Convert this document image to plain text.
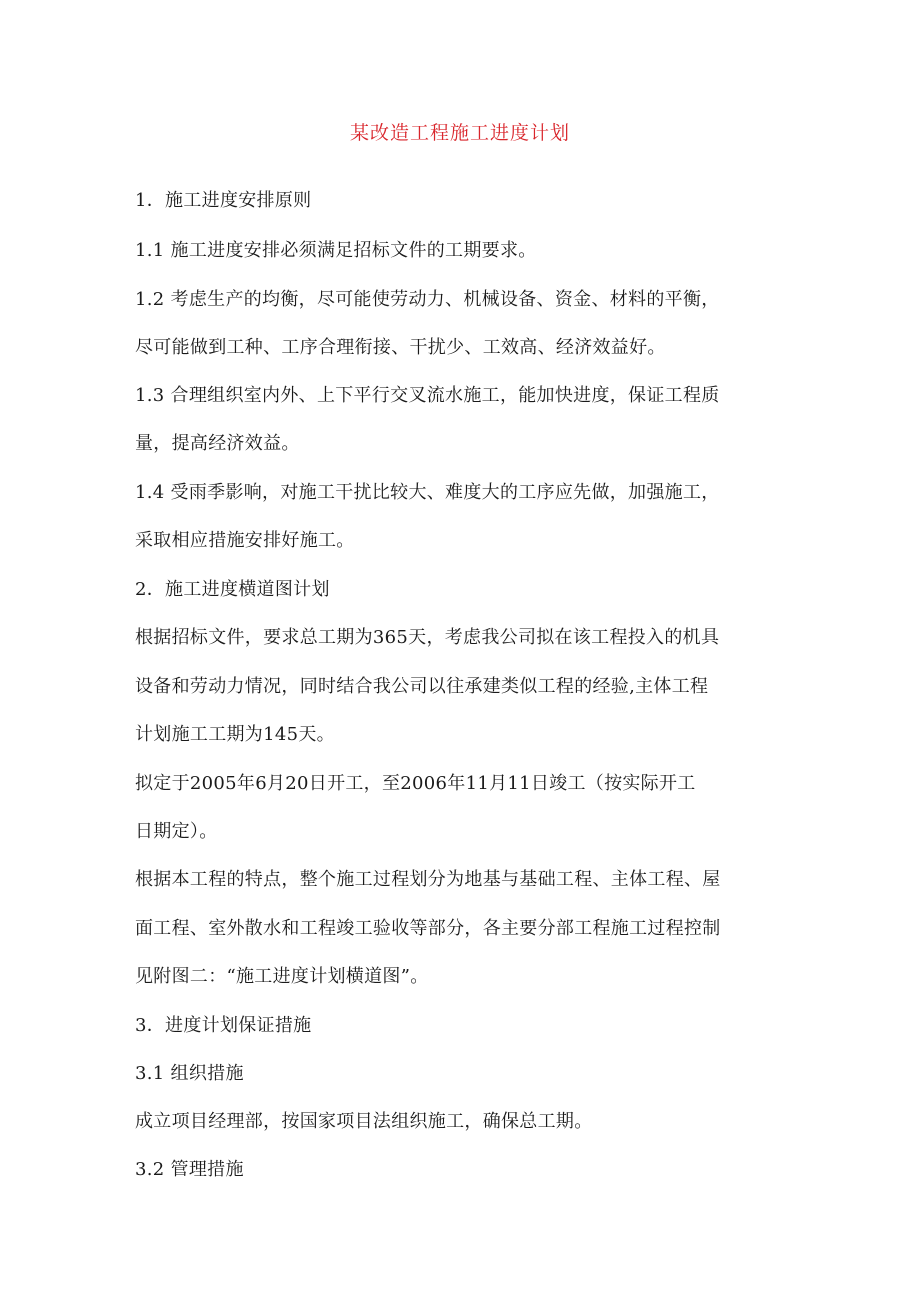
某改造工程施工进度计划
1．施工进度安排原则
1.1 施工进度安排必须满足招标文件的工期要求。
1.2 考虑生产的均衡，尽可能使劳动力、机械设备、资金、材料的平衡，
尽可能做到工种、工序合理衔接、干扰少、工效高、经济效益好。
1.3 合理组织室内外、上下平行交叉流水施工，能加快进度，保证工程质
量，提高经济效益。
1.4 受雨季影响，对施工干扰比较大、难度大的工序应先做，加强施工，
采取相应措施安排好施工。
2．施工进度横道图计划
根据招标文件，要求总工期为365天，考虑我公司拟在该工程投入的机具
设备和劳动力情况，同时结合我公司以往承建类似工程的经验,主体工程
计划施工工期为145天。
拟定于2005年6月20日开工，至2006年11月11日竣工（按实际开工
日期定）。
根据本工程的特点，整个施工过程划分为地基与基础工程、主体工程、屋
面工程、室外散水和工程竣工验收等部分，各主要分部工程施工过程控制
见附图二：“施工进度计划横道图”。
3．进度计划保证措施
3.1 组织措施
成立项目经理部，按国家项目法组织施工，确保总工期。
3.2 管理措施
